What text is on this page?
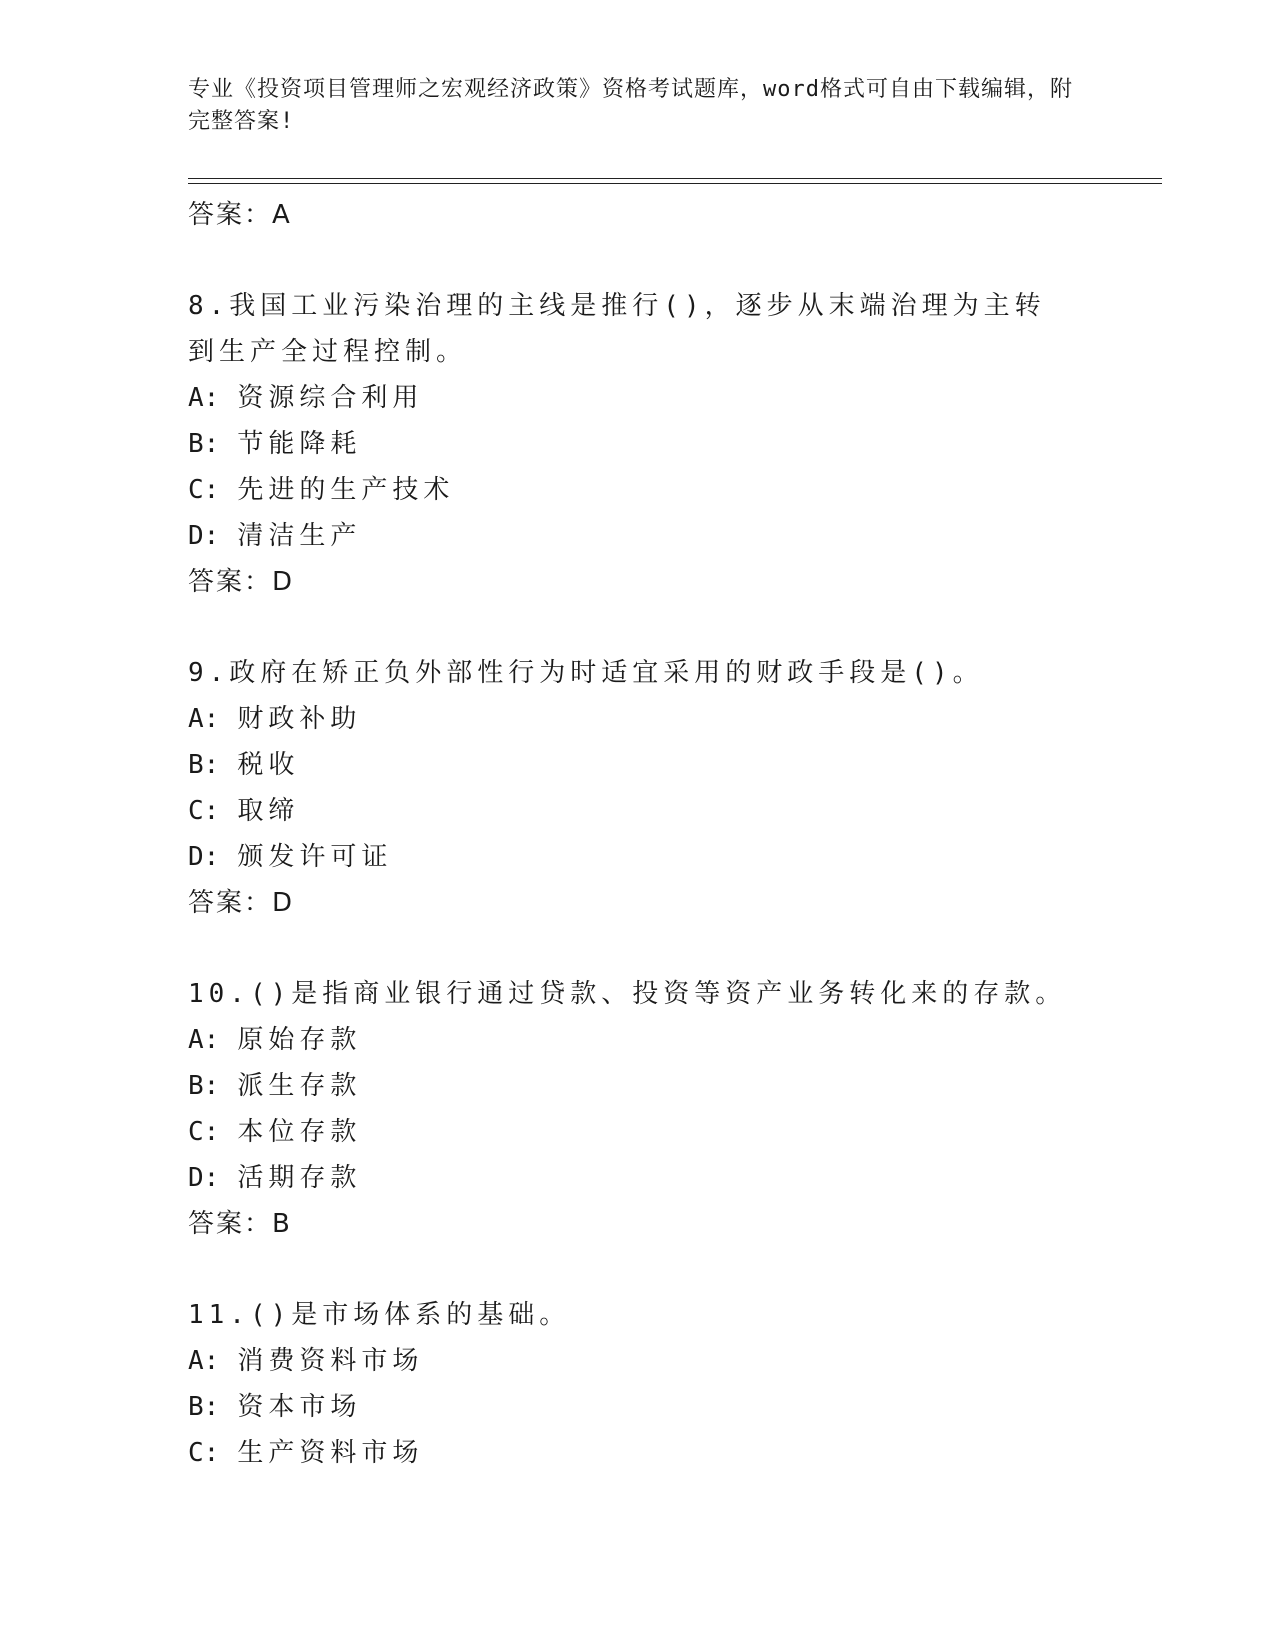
专业《投资项目管理师之宏观经济政策》资格考试题库，word格式可自由下载编辑，附完整答案!
答案：A
8.我国工业污染治理的主线是推行()，逐步从末端治理为主转到生产全过程控制。
A: 资源综合利用
B: 节能降耗
C: 先进的生产技术
D: 清洁生产
答案：D
9.政府在矫正负外部性行为时适宜采用的财政手段是()。
A: 财政补助
B: 税收
C: 取缔
D: 颁发许可证
答案：D
10.()是指商业银行通过贷款、投资等资产业务转化来的存款。
A: 原始存款
B: 派生存款
C: 本位存款
D: 活期存款
答案：B
11.()是市场体系的基础。
A: 消费资料市场
B: 资本市场
C: 生产资料市场
